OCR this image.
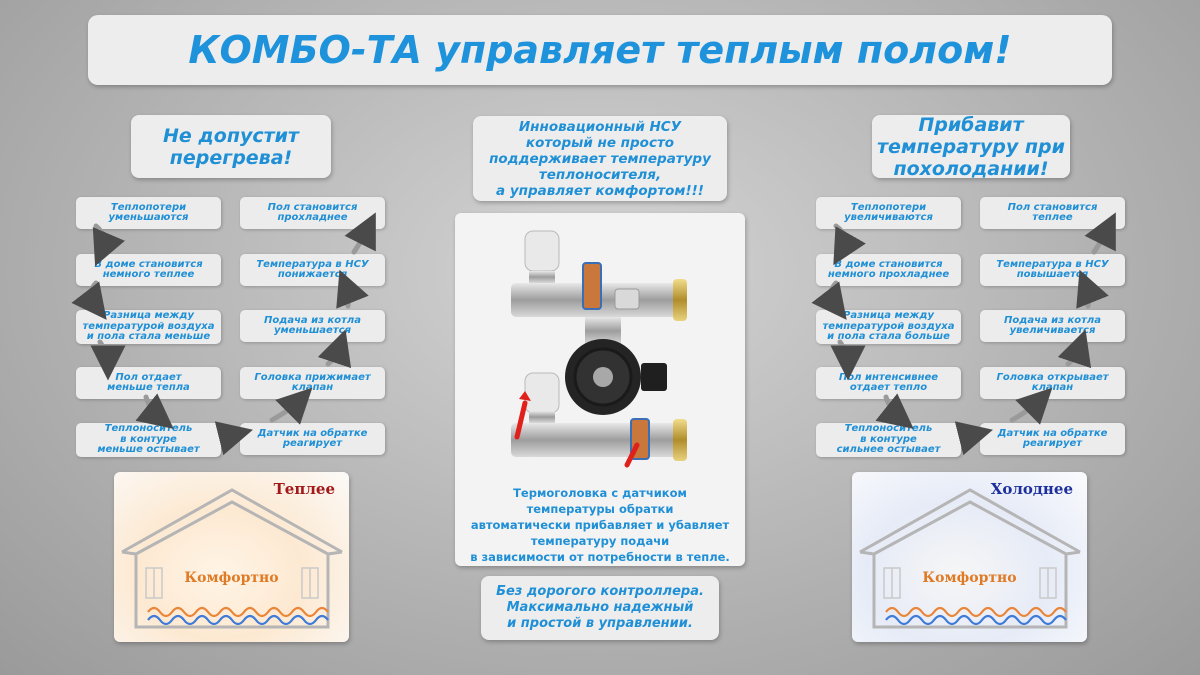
КОМБО-ТА управляет теплым полом!
Не допустит
перегрева!
Инновационный НСУ
который не просто
поддерживает температуру
теплоносителя,
а управляет комфортом!!!
Прибавит
температуру при
похолодании!
Теплопотери
уменьшаются
В доме становится
немного теплее
Разница между
температурой воздуха
и пола стала меньше
Пол отдает
меньше тепла
Теплоноситель
в контуре
меньше остывает
Пол становится
прохладнее
Температура в НСУ
понижается
Подача из котла
уменьшается
Головка прижимает
клапан
Датчик на обратке
реагирует
Теплопотери
увеличиваются
В доме становится
немного прохладнее
Разница между
температурой воздуха
и пола стала больше
Пол интенсивнее
отдает тепло
Теплоноситель
в контуре
сильнее остывает
Пол становится
теплее
Температура в НСУ
повышается
Подача из котла
увеличивается
Головка открывает
клапан
Датчик на обратке
реагирует
Теплее
Комфортно
Холоднее
Комфортно
Термоголовка с датчиком
температуры обратки
автоматически прибавляет и убавляет
температуру подачи
в зависимости от потребности в тепле.
Без дорогого контроллера.
Максимально надежный
и простой в управлении.
